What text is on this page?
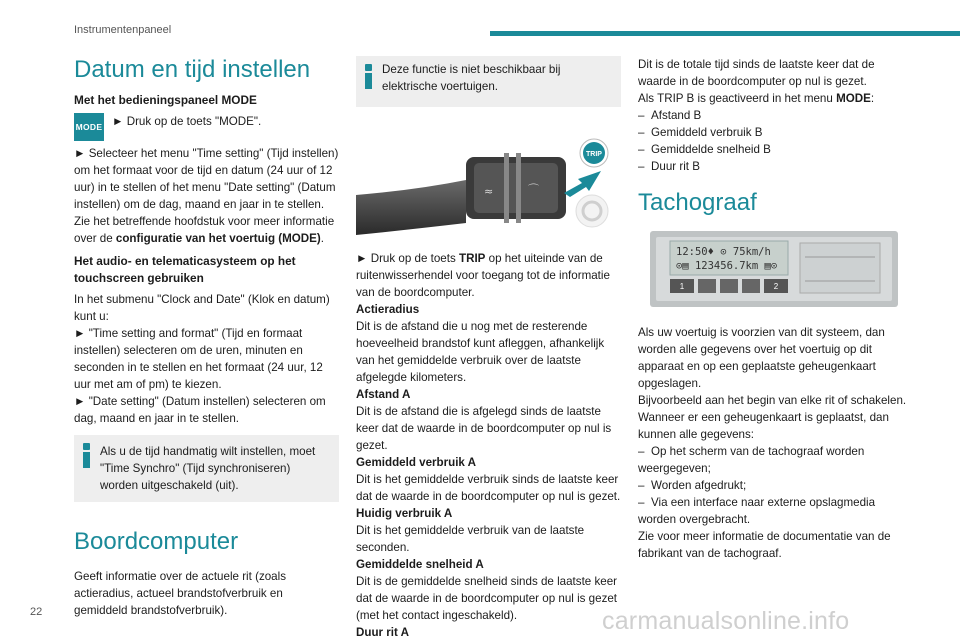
Instrumentenpaneel
Datum en tijd instellen
Met het bedieningspaneel MODE
MODE ► Druk op de toets "MODE".

► Selecteer het menu "Time setting" (Tijd instellen) om het formaat voor de tijd en datum (24 uur of 12 uur) in te stellen of het menu "Date setting" (Datum instellen) om de dag, maand en jaar in te stellen. Zie het betreffende hoofdstuk voor meer informatie over de configuratie van het voertuig (MODE).

Het audio- en telematicasysteem op het touchscreen gebruiken

In het submenu "Clock and Date" (Klok en datum) kunt u:

► "Time setting and format" (Tijd en formaat instellen) selecteren om de uren, minuten en seconden in te stellen en het formaat (24 uur, 12 uur met am of pm) te kiezen.

► "Date setting" (Datum instellen) selecteren om dag, maand en jaar in te stellen.

Als u de tijd handmatig wilt instellen, moet "Time Synchro" (Tijd synchroniseren) worden uitgeschakeld (uit).
Boordcomputer

Geeft informatie over de actuele rit (zoals actieradius, actueel brandstofverbruik en gemiddeld brandstofverbruik).

Deze functie is niet beschikbaar bij elektrische voertuigen.
≈	⌒
TRIP

► Druk op de toets TRIP op het uiteinde van de ruitenwisserhendel voor toegang tot de informatie van de boordcomputer.

Actieradius

Dit is de afstand die u nog met de resterende hoeveelheid brandstof kunt afleggen, afhankelijk van het gemiddelde verbruik over de laatste afgelegde kilometers.

Afstand A

Dit is de afstand die is afgelegd sinds de laatste keer dat de waarde in de boordcomputer op nul is gezet.

Gemiddeld verbruik A

Dit is het gemiddelde verbruik sinds de laatste keer dat de waarde in de boordcomputer op nul is gezet.

Huidig verbruik A

Dit is het gemiddelde verbruik van de laatste seconden.

Gemiddelde snelheid A

Dit is de gemiddelde snelheid sinds de laatste keer dat de waarde in de boordcomputer op nul is gezet (met het contact ingeschakeld).

Duur rit A

Dit is de totale tijd sinds de laatste keer dat de waarde in de boordcomputer op nul is gezet.

Als TRIP B is geactiveerd in het menu MODE:

– Afstand B

– Gemiddeld verbruik B

– Gemiddelde snelheid B

– Duur rit B

Tachograaf
12:50♦ ⊙ 75km/h
⊙▤ 123456.7km ▤⊙
1	2

Als uw voertuig is voorzien van dit systeem, dan worden alle gegevens over het voertuig op dit apparaat en op een geplaatste geheugenkaart opgeslagen.

Bijvoorbeeld aan het begin van elke rit of schakelen.

Wanneer er een geheugenkaart is geplaatst, dan kunnen alle gegevens:

– Op het scherm van de tachograaf worden weergegeven;

– Worden afgedrukt;

– Via een interface naar externe opslagmedia worden overgebracht.

Zie voor meer informatie de documentatie van de fabrikant van de tachograaf.

22	carmanualsonline.info
